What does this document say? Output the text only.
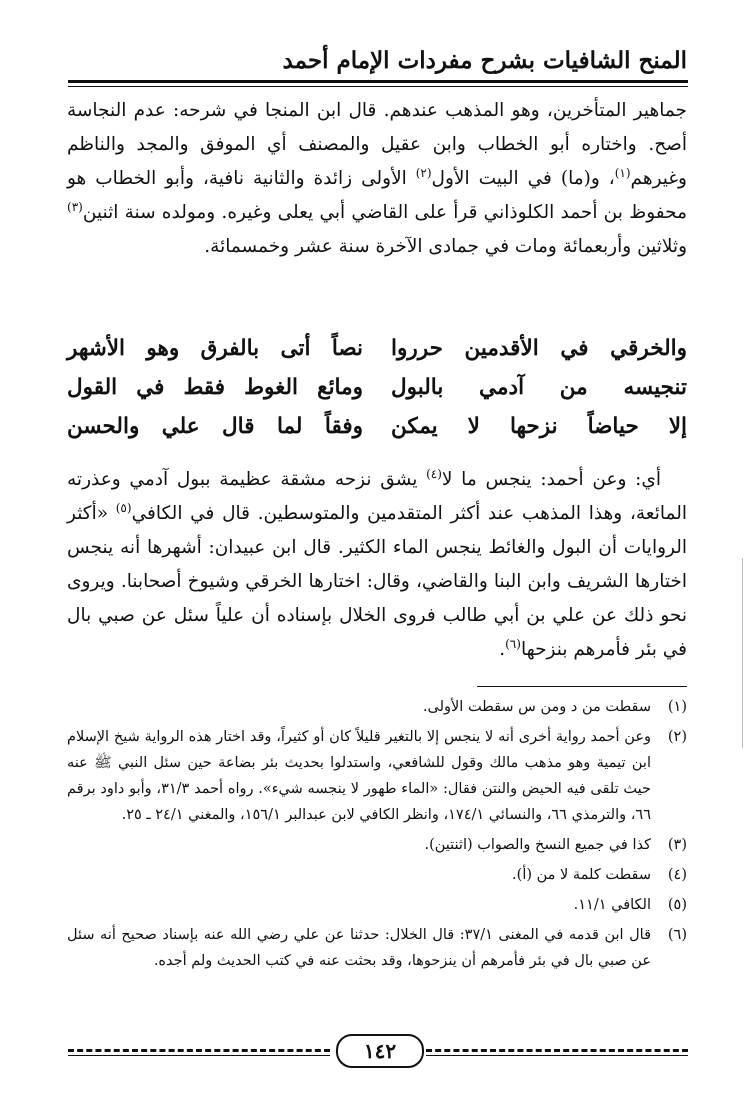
المنح الشافيات بشرح مفردات الإمام أحمد

جماهير المتأخرين، وهو المذهب عندهم. قال ابن المنجا في شرحه: عدم النجاسة أصح. واختاره أبو الخطاب وابن عقيل والمصنف أي الموفق والمجد والناظم وغيرهم$^{(١)}$، و(ما) في البيت الأول$^{(٢)}$ الأولى زائدة والثانية نافية، وأبو الخطاب هو محفوظ بن أحمد الكلوذاني قرأ على القاضي أبي يعلى وغيره. ومولده سنة اثنين$^{(٣)}$ وثلاثين وأربعمائة ومات في جمادى الآخرة سنة عشر وخمسمائة.

والخرقي في الأقدمين حرروا
نصاً أتى بالفرق وهو الأشهر
تنجيسه من آدمي بالبول
ومائع الغوط فقط في القول
إلا حياضاً نزحها لا يمكن
وفقاً لما قال علي والحسن

أي: وعن أحمد: ينجس ما لا$^{(٤)}$ يشق نزحه مشقة عظيمة ببول آدمي وعذرته المائعة، وهذا المذهب عند أكثر المتقدمين والمتوسطين. قال في الكافي$^{(٥)}$ «أكثر الروايات أن البول والغائط ينجس الماء الكثير. قال ابن عبيدان: أشهرها أنه ينجس اختارها الشريف وابن البنا والقاضي، وقال: اختارها الخرقي وشيوخ أصحابنا. ويروى نحو ذلك عن علي بن أبي طالب فروى الخلال بإسناده أن علياً سئل عن صبي بال في بئر فأمرهم بنزحها$^{(٦)}$.

(١)
سقطت من د ومن س سقطت الأولى.
(٢)
وعن أحمد رواية أخرى أنه لا ينجس إلا بالتغير قليلاً كان أو كثيراً، وقد اختار هذه الرواية شيخ الإسلام ابن تيمية وهو مذهب مالك وقول للشافعي، واستدلوا بحديث بئر بضاعة حين سئل النبي ﷺ عنه حيث تلقى فيه الحيض والنتن فقال: «الماء طهور لا ينجسه شيء». رواه أحمد ٣١/٣، وأبو داود برقم ٦٦، والترمذي ٦٦، والنسائي ١٧٤/١، وانظر الكافي لابن عبدالبر ١٥٦/١، والمغني ٢٤/١ ـ ٢٥.
(٣)
كذا في جميع النسخ والصواب (اثنتين).
(٤)
سقطت كلمة لا من (أ).
(٥)
الكافي ١١/١.
(٦)
قال ابن قدمه في المغنى ٣٧/١: قال الخلال: حدثنا عن علي رضي الله عنه بإسناد صحيح أنه سئل عن صبي بال في بئر فأمرهم أن ينزحوها، وقد بحثت عنه في كتب الحديث ولم أجده.
١٤٢
